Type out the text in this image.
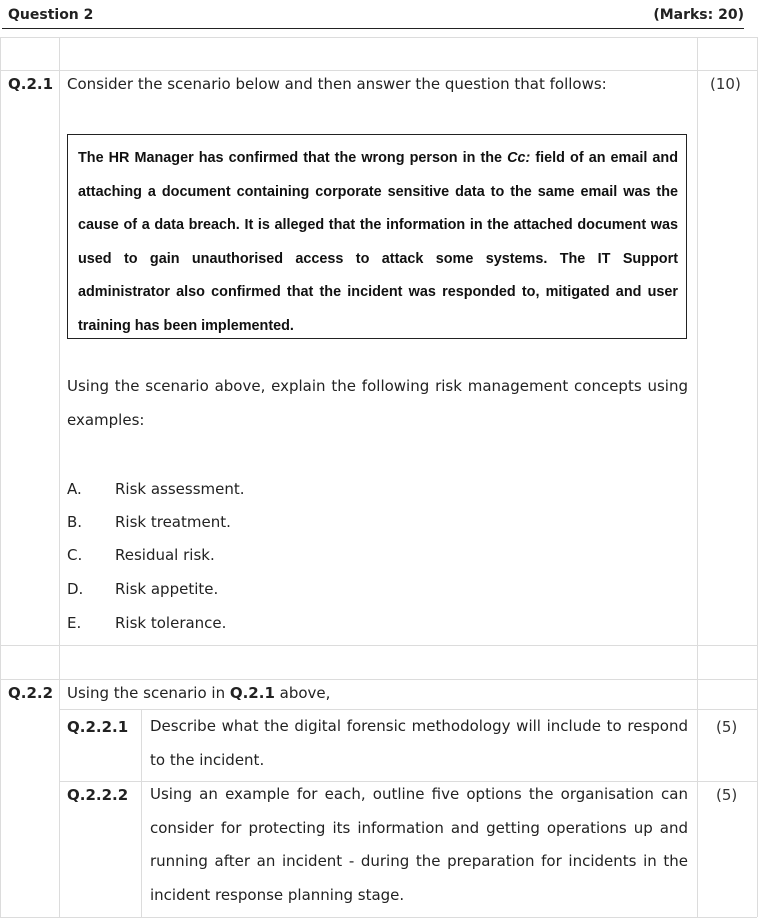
Question 2	(Marks: 20)
Q.2.1 Consider the scenario below and then answer the question that follows:	(10)
The HR Manager has confirmed that the wrong person in the Cc: field of an email and attaching a document containing corporate sensitive data to the same email was the cause of a data breach. It is alleged that the information in the attached document was used to gain unauthorised access to attack some systems. The IT Support administrator also confirmed that the incident was responded to, mitigated and user training has been implemented.
Using the scenario above, explain the following risk management concepts using examples:
A. Risk assessment.
B. Risk treatment.
C. Residual risk.
D. Risk appetite.
E. Risk tolerance.
Q.2.2 Using the scenario in Q.2.1 above,
Q.2.2.1 Describe what the digital forensic methodology will include to respond to the incident.
(5)
Q.2.2.2 Using an example for each, outline five options the organisation can consider for protecting its information and getting operations up and running after an incident - during the preparation for incidents in the incident response planning stage.
(5)
